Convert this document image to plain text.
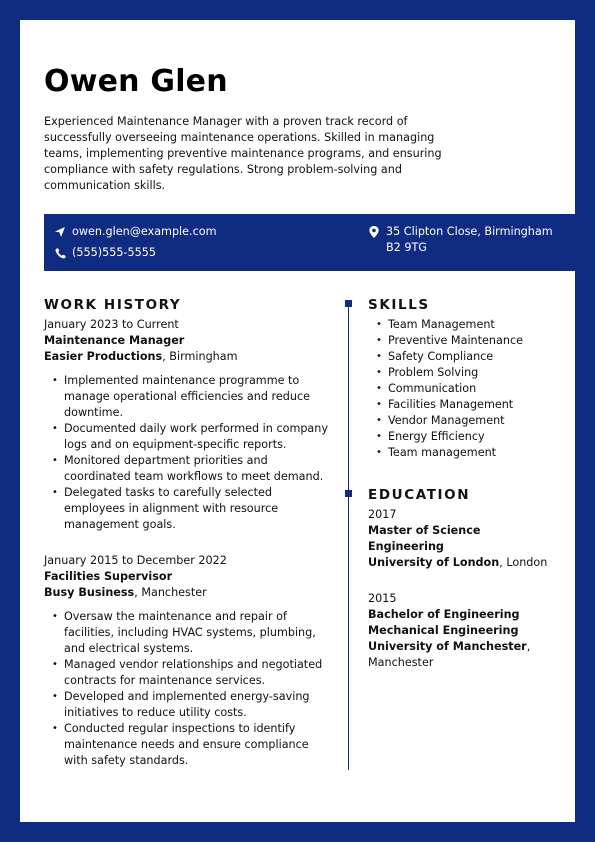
Owen Glen
Experienced Maintenance Manager with a proven track record of successfully overseeing maintenance operations. Skilled in managing teams, implementing preventive maintenance programs, and ensuring compliance with safety regulations. Strong problem-solving and communication skills.
owen.glen@example.com
(555)555-5555
35 Clipton Close, Birmingham
B2 9TG
WORK HISTORY
January 2023 to Current
Maintenance Manager
Easier Productions, Birmingham
• Implemented maintenance programme to manage operational efficiencies and reduce downtime.
• Documented daily work performed in company logs and on equipment-specific reports.
• Monitored department priorities and coordinated team workflows to meet demand.
• Delegated tasks to carefully selected employees in alignment with resource management goals.
January 2015 to December 2022
Facilities Supervisor
Busy Business, Manchester
• Oversaw the maintenance and repair of facilities, including HVAC systems, plumbing, and electrical systems.
• Managed vendor relationships and negotiated contracts for maintenance services.
• Developed and implemented energy-saving initiatives to reduce utility costs.
• Conducted regular inspections to identify maintenance needs and ensure compliance with safety standards.
SKILLS
• Team Management
• Preventive Maintenance
• Safety Compliance
• Problem Solving
• Communication
• Facilities Management
• Vendor Management
• Energy Efficiency
• Team management
EDUCATION
2017
Master of Science
Engineering
University of London, London
2015
Bachelor of Engineering
Mechanical Engineering
University of Manchester,
Manchester
